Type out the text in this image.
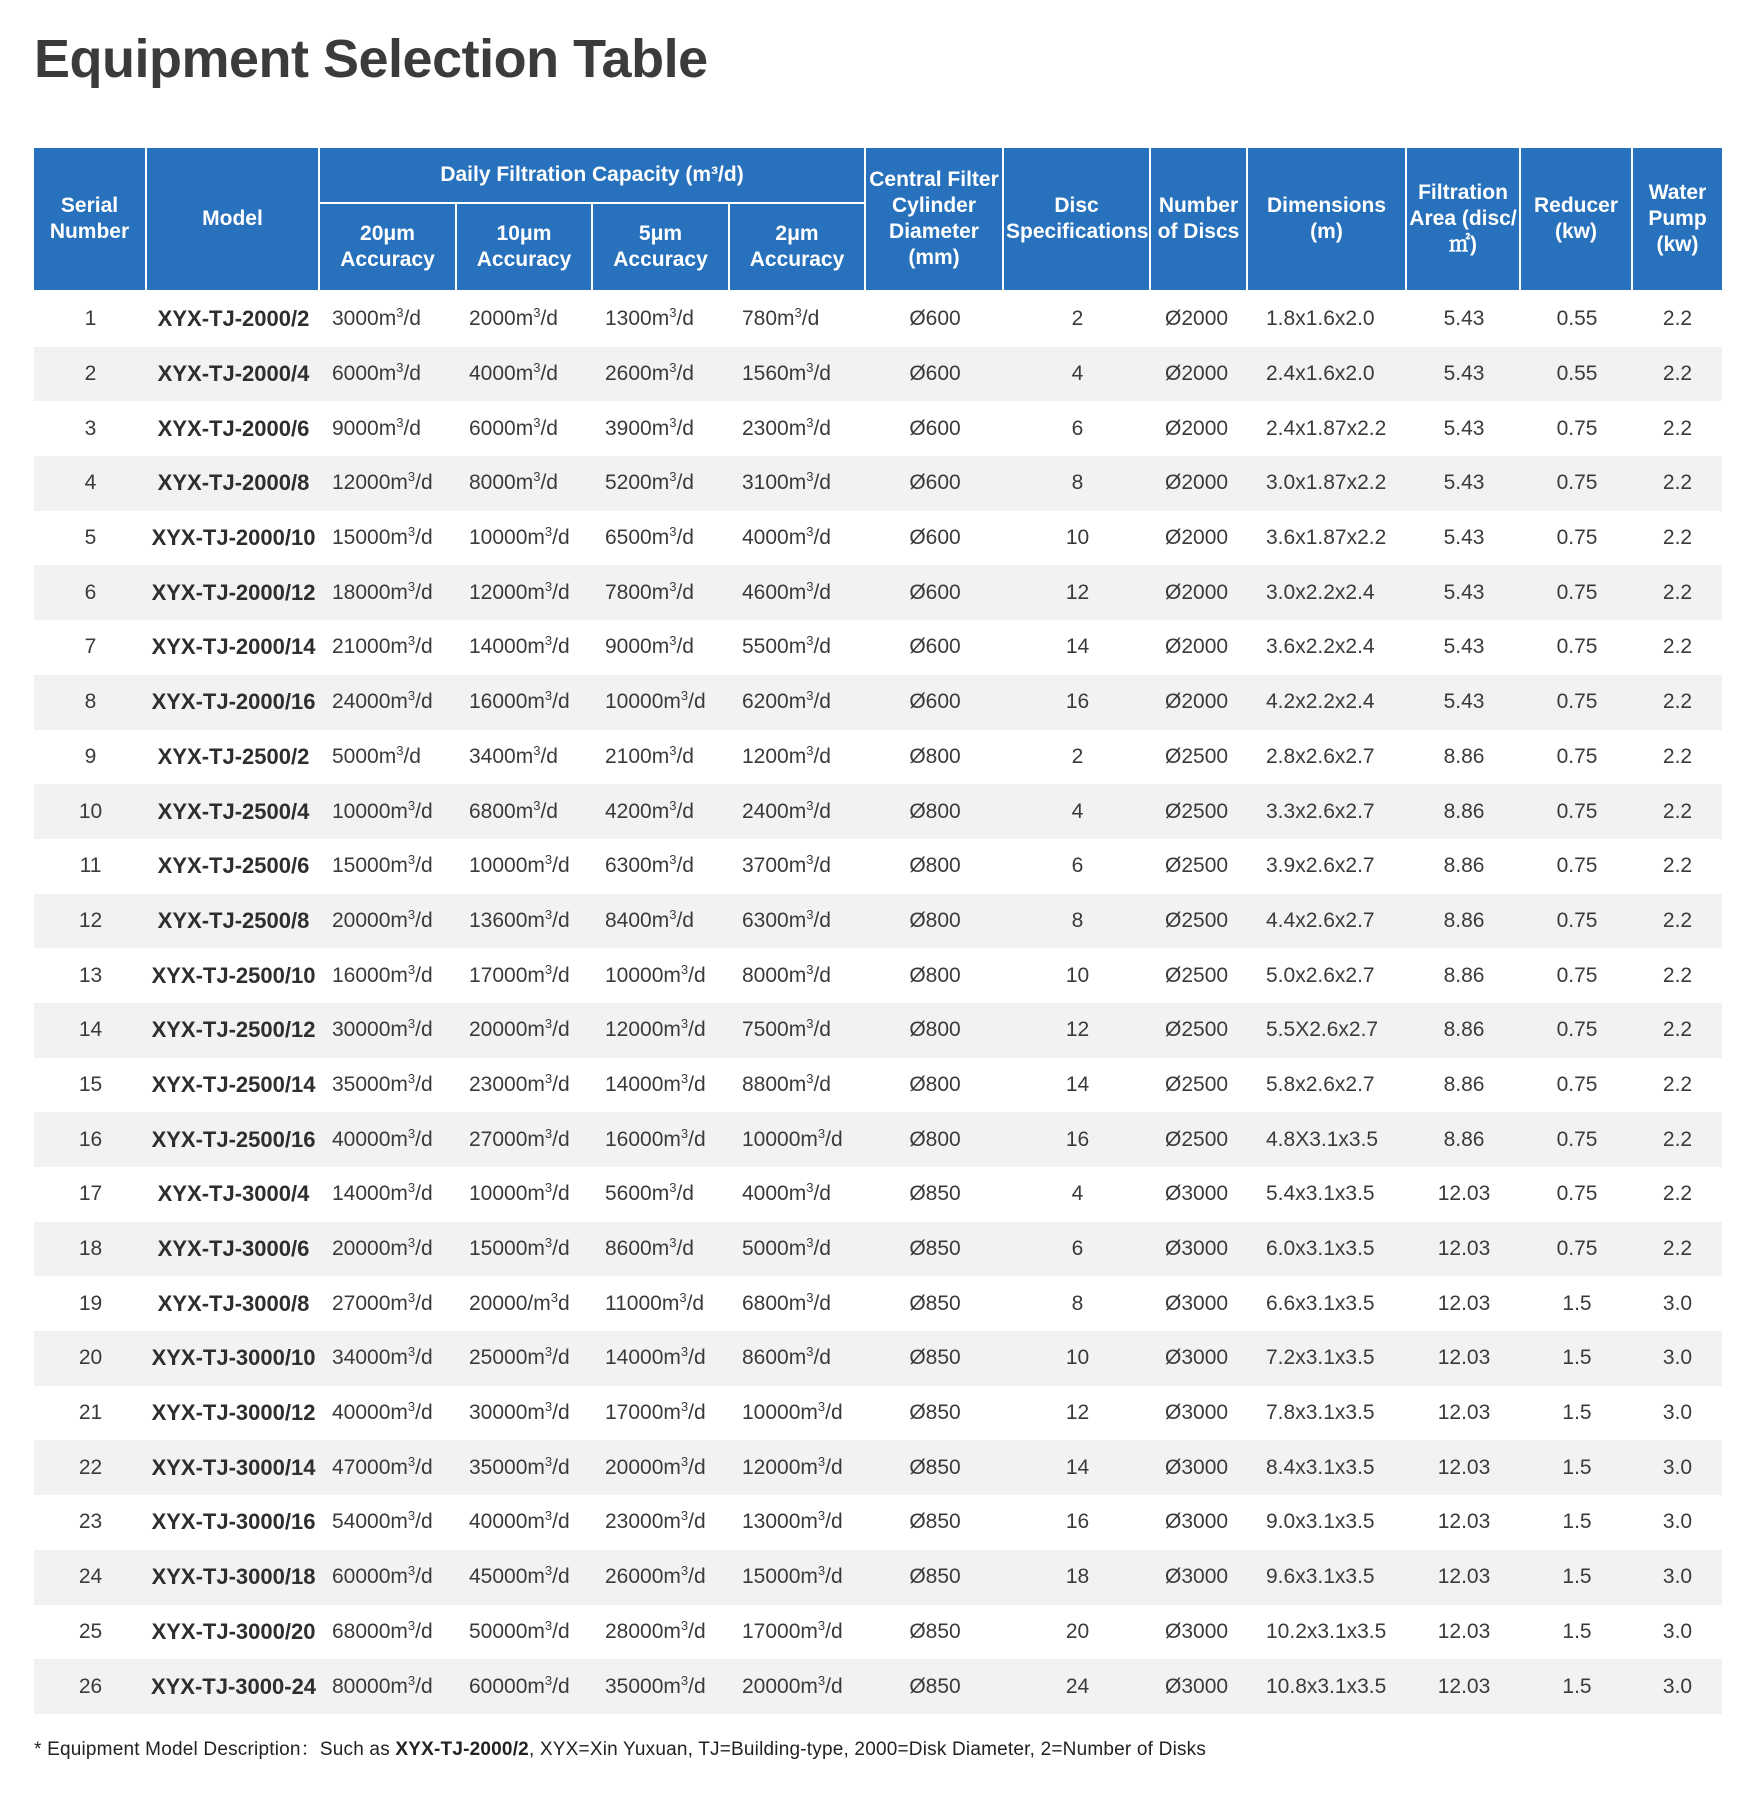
Equipment Selection Table
Serial Number	Model	Daily Filtration Capacity (m³/d)				Central Filter Cylinder Diameter (mm)	Disc Specifications	Number of Discs	Dimensions (m)	Filtration Area (disc/㎡)	Reducer (kw)	Water Pump (kw)
		20μm Accuracy	10μm Accuracy	5μm Accuracy	2μm Accuracy							
1	XYX-TJ-2000/2	$3000m^3/d$	$2000m^3/d$	$1300m^3/d$	$780m^3/d$	Ø600	2	Ø2000	1.8x1.6x2.0	5.43	0.55	2.2
2	XYX-TJ-2000/4	$6000m^3/d$	$4000m^3/d$	$2600m^3/d$	$1560m^3/d$	Ø600	4	Ø2000	2.4x1.6x2.0	5.43	0.55	2.2
3	XYX-TJ-2000/6	$9000m^3/d$	$6000m^3/d$	$3900m^3/d$	$2300m^3/d$	Ø600	6	Ø2000	2.4x1.87x2.2	5.43	0.75	2.2
4	XYX-TJ-2000/8	$12000m^3/d$	$8000m^3/d$	$5200m^3/d$	$3100m^3/d$	Ø600	8	Ø2000	3.0x1.87x2.2	5.43	0.75	2.2
5	XYX-TJ-2000/10	$15000m^3/d$	$10000m^3/d$	$6500m^3/d$	$4000m^3/d$	Ø600	10	Ø2000	3.6x1.87x2.2	5.43	0.75	2.2
6	XYX-TJ-2000/12	$18000m^3/d$	$12000m^3/d$	$7800m^3/d$	$4600m^3/d$	Ø600	12	Ø2000	3.0x2.2x2.4	5.43	0.75	2.2
7	XYX-TJ-2000/14	$21000m^3/d$	$14000m^3/d$	$9000m^3/d$	$5500m^3/d$	Ø600	14	Ø2000	3.6x2.2x2.4	5.43	0.75	2.2
8	XYX-TJ-2000/16	$24000m^3/d$	$16000m^3/d$	$10000m^3/d$	$6200m^3/d$	Ø600	16	Ø2000	4.2x2.2x2.4	5.43	0.75	2.2
9	XYX-TJ-2500/2	$5000m^3/d$	$3400m^3/d$	$2100m^3/d$	$1200m^3/d$	Ø800	2	Ø2500	2.8x2.6x2.7	8.86	0.75	2.2
10	XYX-TJ-2500/4	$10000m^3/d$	$6800m^3/d$	$4200m^3/d$	$2400m^3/d$	Ø800	4	Ø2500	3.3x2.6x2.7	8.86	0.75	2.2
11	XYX-TJ-2500/6	$15000m^3/d$	$10000m^3/d$	$6300m^3/d$	$3700m^3/d$	Ø800	6	Ø2500	3.9x2.6x2.7	8.86	0.75	2.2
12	XYX-TJ-2500/8	$20000m^3/d$	$13600m^3/d$	$8400m^3/d$	$6300m^3/d$	Ø800	8	Ø2500	4.4x2.6x2.7	8.86	0.75	2.2
13	XYX-TJ-2500/10	$16000m^3/d$	$17000m^3/d$	$10000m^3/d$	$8000m^3/d$	Ø800	10	Ø2500	5.0x2.6x2.7	8.86	0.75	2.2
14	XYX-TJ-2500/12	$30000m^3/d$	$20000m^3/d$	$12000m^3/d$	$7500m^3/d$	Ø800	12	Ø2500	5.5X2.6x2.7	8.86	0.75	2.2
15	XYX-TJ-2500/14	$35000m^3/d$	$23000m^3/d$	$14000m^3/d$	$8800m^3/d$	Ø800	14	Ø2500	5.8x2.6x2.7	8.86	0.75	2.2
16	XYX-TJ-2500/16	$40000m^3/d$	$27000m^3/d$	$16000m^3/d$	$10000m^3/d$	Ø800	16	Ø2500	4.8X3.1x3.5	8.86	0.75	2.2
17	XYX-TJ-3000/4	$14000m^3/d$	$10000m^3/d$	$5600m^3/d$	$4000m^3/d$	Ø850	4	Ø3000	5.4x3.1x3.5	12.03	0.75	2.2
18	XYX-TJ-3000/6	$20000m^3/d$	$15000m^3/d$	$8600m^3/d$	$5000m^3/d$	Ø850	6	Ø3000	6.0x3.1x3.5	12.03	0.75	2.2
19	XYX-TJ-3000/8	$27000m^3/d$	$20000/m^3d$	$11000m^3/d$	$6800m^3/d$	Ø850	8	Ø3000	6.6x3.1x3.5	12.03	1.5	3.0
20	XYX-TJ-3000/10	$34000m^3/d$	$25000m^3/d$	$14000m^3/d$	$8600m^3/d$	Ø850	10	Ø3000	7.2x3.1x3.5	12.03	1.5	3.0
21	XYX-TJ-3000/12	$40000m^3/d$	$30000m^3/d$	$17000m^3/d$	$10000m^3/d$	Ø850	12	Ø3000	7.8x3.1x3.5	12.03	1.5	3.0
22	XYX-TJ-3000/14	$47000m^3/d$	$35000m^3/d$	$20000m^3/d$	$12000m^3/d$	Ø850	14	Ø3000	8.4x3.1x3.5	12.03	1.5	3.0
23	XYX-TJ-3000/16	$54000m^3/d$	$40000m^3/d$	$23000m^3/d$	$13000m^3/d$	Ø850	16	Ø3000	9.0x3.1x3.5	12.03	1.5	3.0
24	XYX-TJ-3000/18	$60000m^3/d$	$45000m^3/d$	$26000m^3/d$	$15000m^3/d$	Ø850	18	Ø3000	9.6x3.1x3.5	12.03	1.5	3.0
25	XYX-TJ-3000/20	$68000m^3/d$	$50000m^3/d$	$28000m^3/d$	$17000m^3/d$	Ø850	20	Ø3000	10.2x3.1x3.5	12.03	1.5	3.0
26	XYX-TJ-3000-24	$80000m^3/d$	$60000m^3/d$	$35000m^3/d$	$20000m^3/d$	Ø850	24	Ø3000	10.8x3.1x3.5	12.03	1.5	3.0
* Equipment Model Description：Such as XYX-TJ-2000/2, XYX=Xin Yuxuan, TJ=Building-type, 2000=Disk Diameter, 2=Number of Disks
